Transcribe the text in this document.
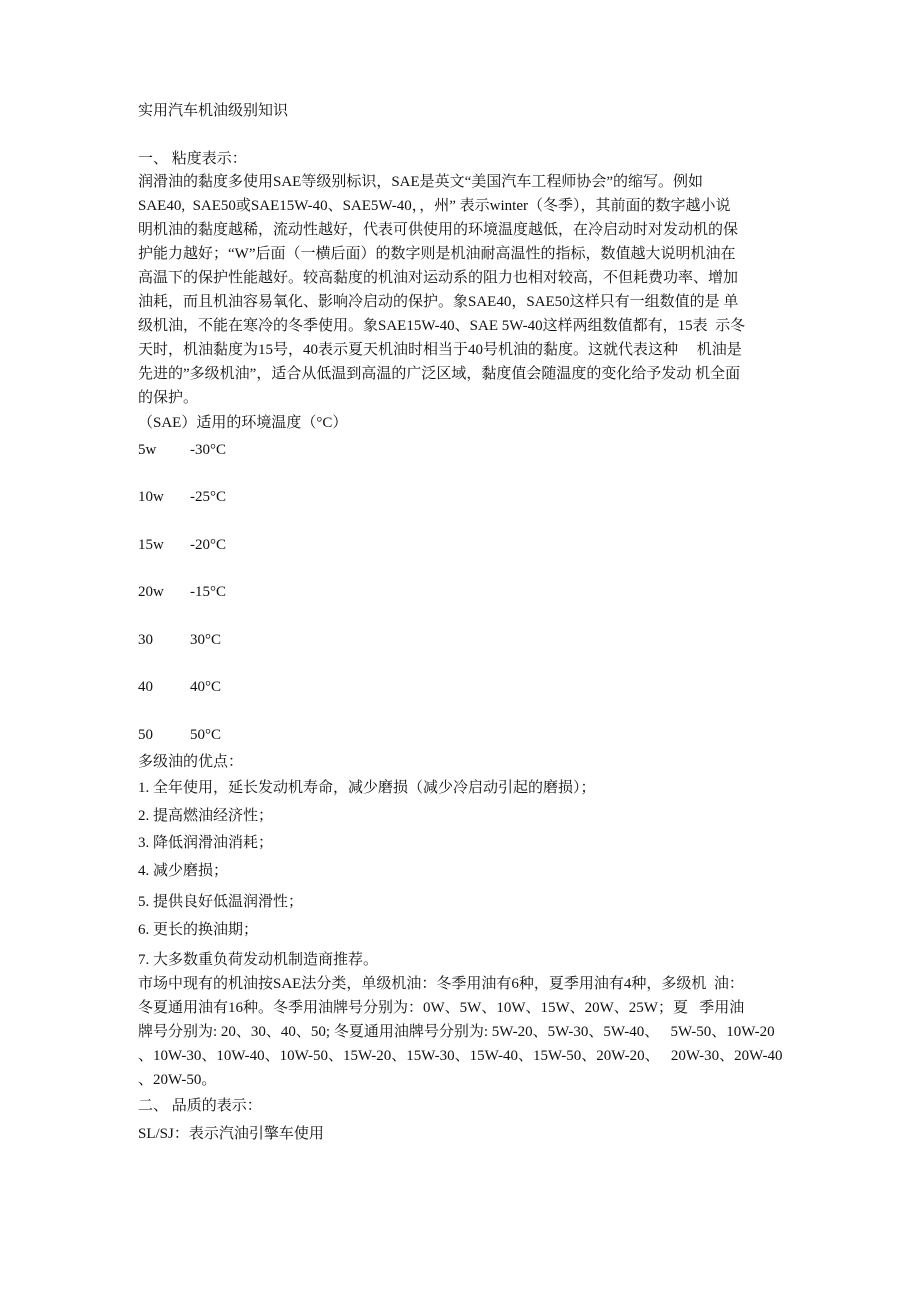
实用汽车机油级别知识
一、 粘度表示：
润滑油的黏度多使用SAE等级别标识，SAE是英文“美国汽车工程师协会”的缩写。例如
SAE40,  SAE50或SAE15W-40、SAE5W-40，，州” 表示winter（冬季），其前面的数字越小说
明机油的黏度越稀，流动性越好，代表可供使用的环境温度越低，在冷启动时对发动机的保
护能力越好；“W”后面（一横后面）的数字则是机油耐高温性的指标，数值越大说明机油在
高温下的保护性能越好。较高黏度的机油对运动系的阻力也相对较高，不但耗费功率、增加
油耗，而且机油容易氧化、影响冷启动的保护。象SAE40，SAE50这样只有一组数值的是 单
级机油，不能在寒冷的冬季使用。象SAE15W-40、SAE 5W-40这样两组数值都有，15表  示冬
天时，机油黏度为15号，40表示夏天机油时相当于40号机油的黏度。这就代表这种     机油是
先进的”多级机油”，适合从低温到高温的广泛区域，黏度值会随温度的变化给予发动 机全面
的保护。
（SAE）适用的环境温度（°C）
5w -30°C
10w -25°C
15w -20°C
20w -15°C
30 30°C
40 40°C
50 50°C
多级油的优点：
1. 全年使用，延长发动机寿命，减少磨损（减少冷启动引起的磨损）；
2. 提高燃油经济性；
3. 降低润滑油消耗；
4. 减少磨损；
5. 提供良好低温润滑性；
6. 更长的换油期；
7. 大多数重负荷发动机制造商推荐。
市场中现有的机油按SAE法分类，单级机油：冬季用油有6种，夏季用油有4种，多级机  油：
冬夏通用油有16种。冬季用油牌号分别为：0W、5W、10W、15W、20W、25W；夏   季用油
牌号分别为: 20、30、40、50; 冬夏通用油牌号分别为: 5W-20、5W-30、5W-40、   5W-50、10W-20
、10W-30、10W-40、10W-50、15W-20、15W-30、15W-40、15W-50、20W-20、   20W-30、20W-40
、20W-50。
二、 品质的表示：
SL/SJ：表示汽油引擎车使用
